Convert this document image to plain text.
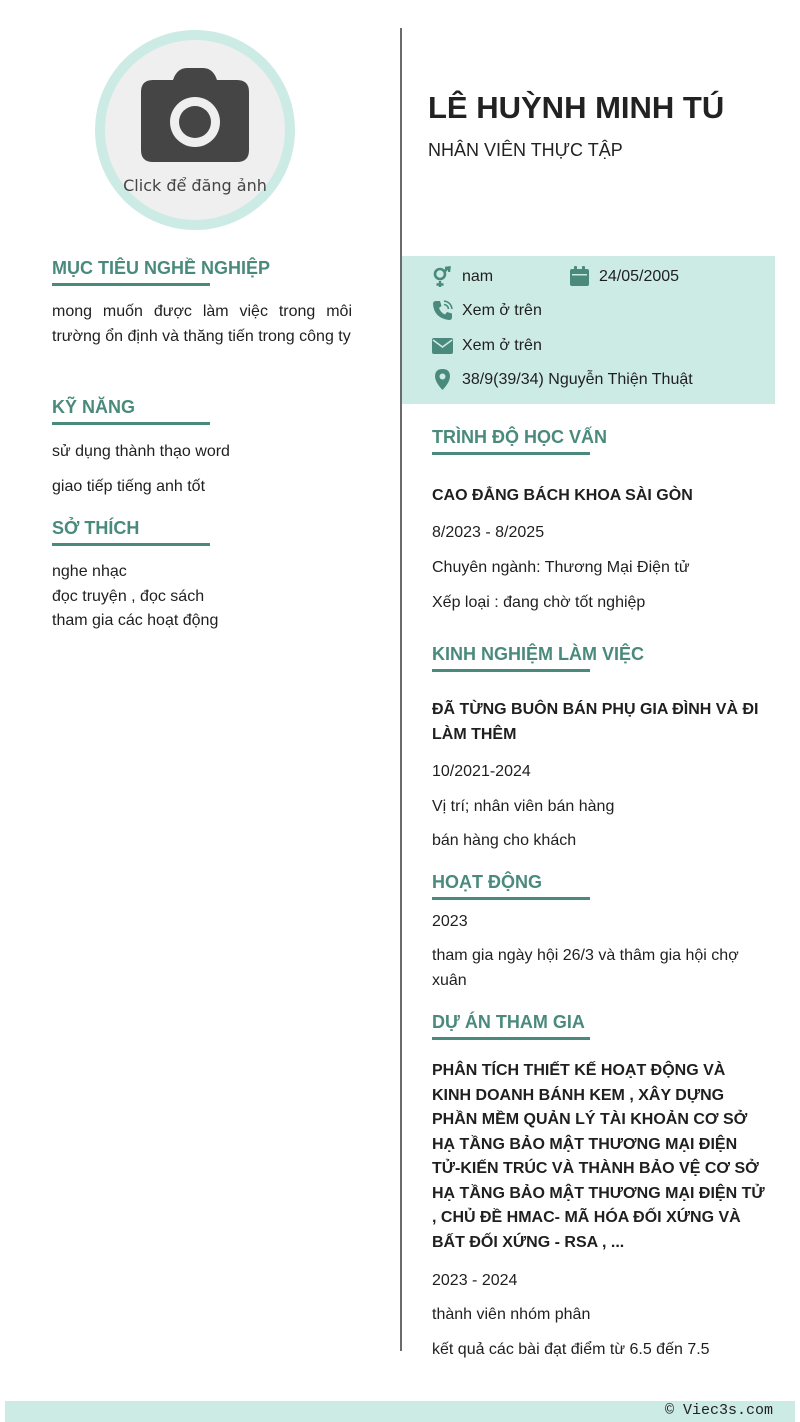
Click để đăng ảnh
MỤC TIÊU NGHỀ NGHIỆP
mong muốn được làm việc trong môi trường ổn định và thăng tiến trong công ty
KỸ NĂNG
sử dụng thành thạo word
giao tiếp tiếng anh tốt
SỞ THÍCH
nghe nhạc
đọc truyện , đọc sách
tham gia các hoạt động
LÊ HUỲNH MINH TÚ
NHÂN VIÊN THỰC TẬP
nam	24/05/2005
Xem ở trên
Xem ở trên
38/9(39/34) Nguyễn Thiện Thuật
TRÌNH ĐỘ HỌC VẤN
CAO ĐẲNG BÁCH KHOA SÀI GÒN
8/2023 - 8/2025
Chuyên ngành: Thương Mại Điện tử
Xếp loại : đang chờ tốt nghiệp
KINH NGHIỆM LÀM VIỆC
ĐÃ TỪNG BUÔN BÁN PHỤ GIA ĐÌNH VÀ ĐI LÀM THÊM
10/2021-2024
Vị trí; nhân viên bán hàng
bán hàng cho khách
HOẠT ĐỘNG
2023
tham gia ngày hội 26/3 và thâm gia hội chợ xuân
DỰ ÁN THAM GIA
PHÂN TÍCH THIẾT KẾ HOẠT ĐỘNG VÀ KINH DOANH BÁNH KEM , XÂY DỰNG PHẦN MỀM QUẢN LÝ TÀI KHOẢN CƠ SỞ HẠ TẦNG BẢO MẬT THƯƠNG MẠI ĐIỆN TỬ-KIẾN TRÚC VÀ THÀNH BẢO VỆ CƠ SỞ HẠ TẦNG BẢO MẬT THƯƠNG MẠI ĐIỆN TỬ , CHỦ ĐỀ HMAC- MÃ HÓA ĐỐI XỨNG VÀ BẤT ĐỐI XỨNG - RSA , ...
2023 - 2024
thành viên nhóm phân
kết quả các bài đạt điểm từ 6.5 đến 7.5
© Viec3s.com
